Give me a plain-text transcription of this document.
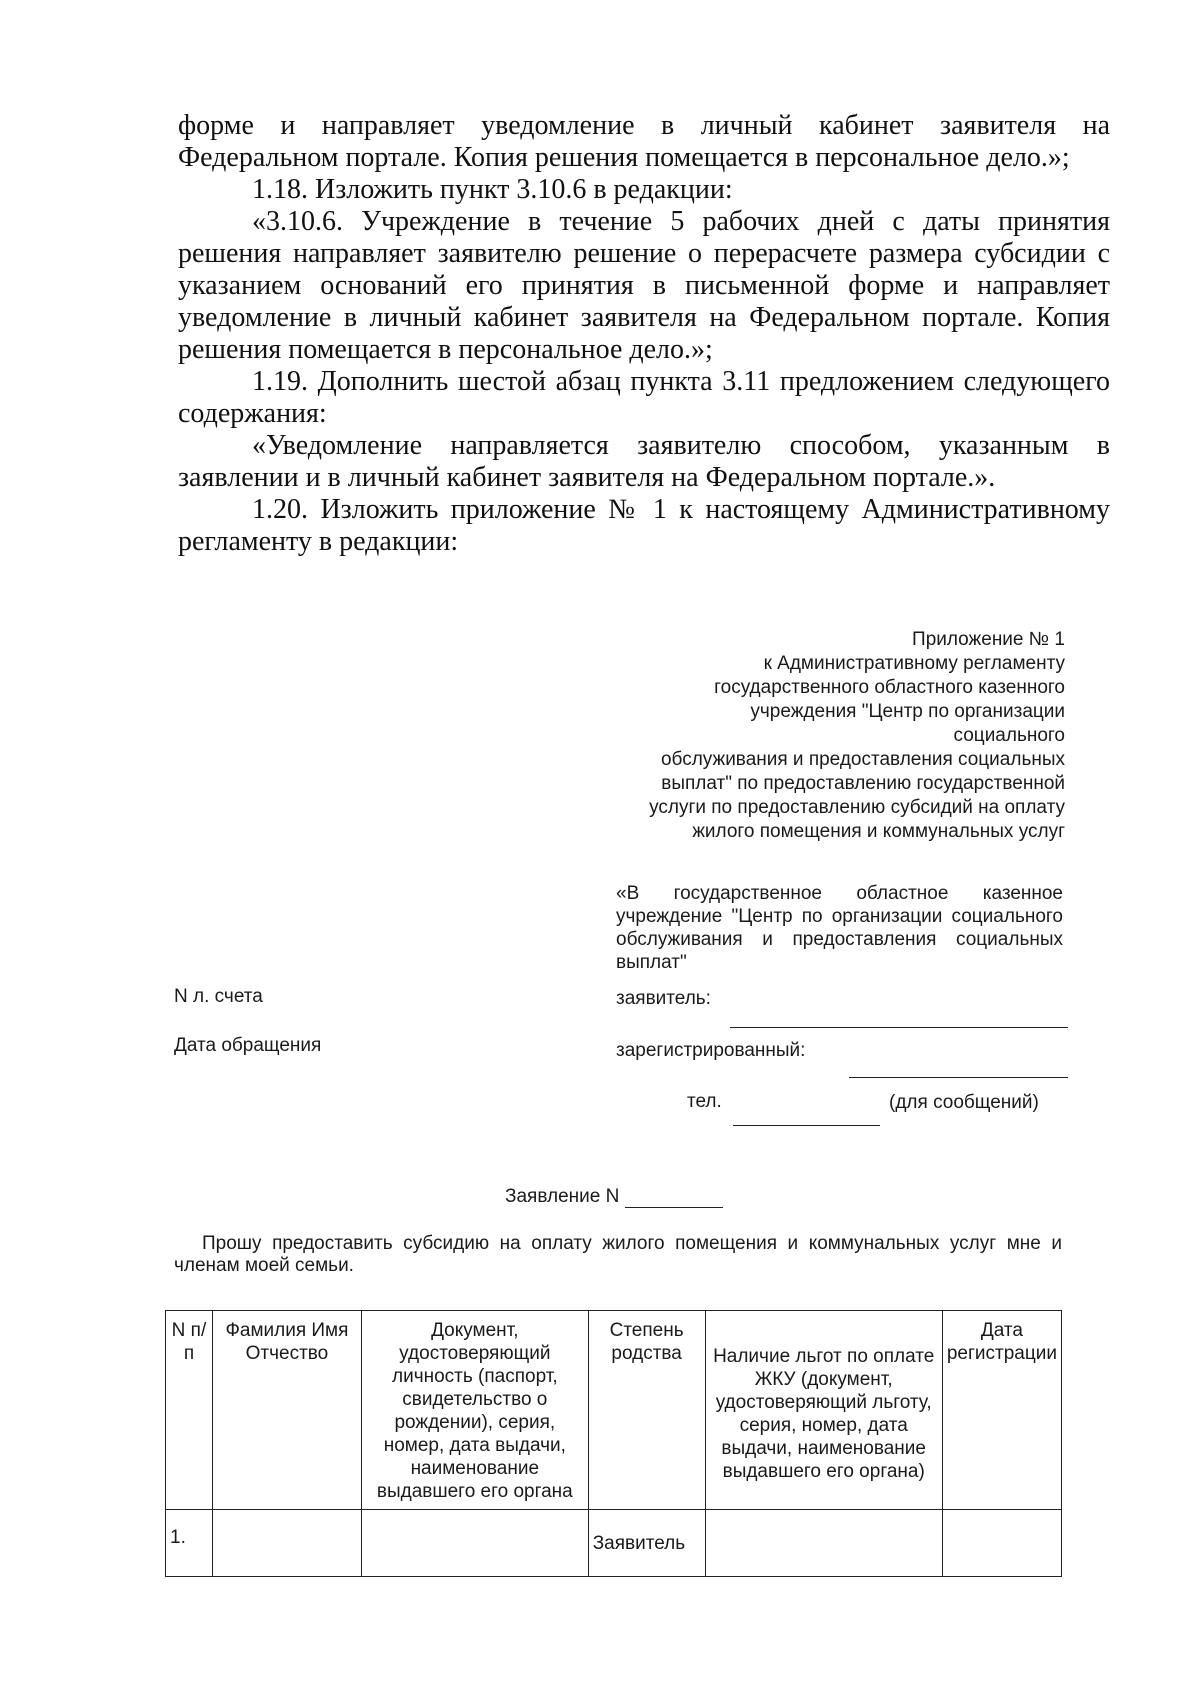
форме и направляет уведомление в личный кабинет заявителя на

Федеральном портале. Копия решения помещается в персональное дело.»;

1.18. Изложить пункт 3.10.6 в редакции:

«3.10.6. Учреждение в течение 5 рабочих дней с даты принятия решения направляет заявителю решение о перерасчете размера субсидии с указанием оснований его принятия в письменной форме и направляет уведомление в личный кабинет заявителя на Федеральном портале. Копия решения помещается в персональное дело.»;

1.19. Дополнить шестой абзац пункта 3.11 предложением следующего содержания:

«Уведомление направляется заявителю способом, указанным в заявлении и в личный кабинет заявителя на Федеральном портале.».

1.20. Изложить приложение № 1 к настоящему Административному регламенту в редакции:

Приложение № 1
к Административному регламенту
государственного областного казенного
учреждения "Центр по организации
социального
обслуживания и предоставления социальных
выплат" по предоставлению государственной
услуги по предоставлению субсидий на оплату
жилого помещения и коммунальных услуг
«В государственное областное казенное учреждение "Центр по организации социального обслуживания и предоставления социальных выплат"
N л. счета
Дата обращения
заявитель:
зарегистрированный:
тел.	(для сообщений)
Заявление N
Прошу предоставить субсидию на оплату жилого помещения и коммунальных услуг мне и членам моей семьи.
N п/п	Фамилия Имя Отчество	Документ, удостоверяющий личность (паспорт, свидетельство о рождении), серия, номер, дата выдачи, наименование выдавшего его органа	Степень родства	Наличие льгот по оплате ЖКУ (документ, удостоверяющий льготу, серия, номер, дата выдачи, наименование выдавшего его органа)	Дата регистрации
1.			Заявитель		
